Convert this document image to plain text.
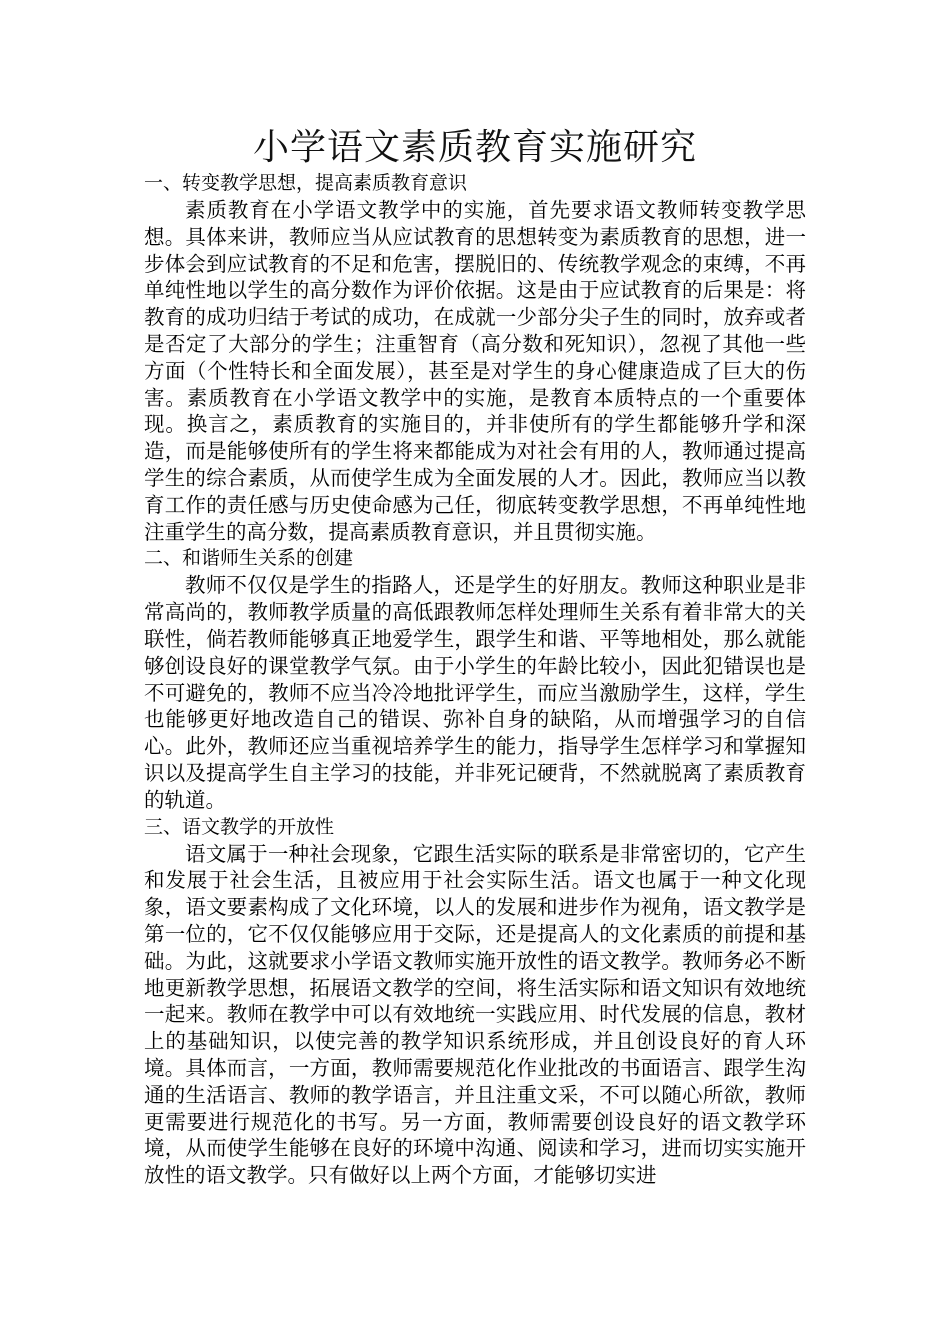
小学语文素质教育实施研究
一、转变教学思想，提高素质教育意识

素质教育在小学语文教学中的实施，首先要求语文教师转变教学思想。具体来讲，教师应当从应试教育的思想转变为素质教育的思想，进一步体会到应试教育的不足和危害，摆脱旧的、传统教学观念的束缚，不再单纯性地以学生的高分数作为评价依据。这是由于应试教育的后果是：将教育的成功归结于考试的成功，在成就一少部分尖子生的同时，放弃或者是否定了大部分的学生；注重智育（高分数和死知识），忽视了其他一些方面（个性特长和全面发展），甚至是对学生的身心健康造成了巨大的伤害。素质教育在小学语文教学中的实施，是教育本质特点的一个重要体现。换言之，素质教育的实施目的，并非使所有的学生都能够升学和深造，而是能够使所有的学生将来都能成为对社会有用的人，教师通过提高学生的综合素质，从而使学生成为全面发展的人才。因此，教师应当以教育工作的责任感与历史使命感为己任，彻底转变教学思想，不再单纯性地注重学生的高分数，提高素质教育意识，并且贯彻实施。

二、和谐师生关系的创建

教师不仅仅是学生的指路人，还是学生的好朋友。教师这种职业是非常高尚的，教师教学质量的高低跟教师怎样处理师生关系有着非常大的关联性，倘若教师能够真正地爱学生，跟学生和谐、平等地相处，那么就能够创设良好的课堂教学气氛。由于小学生的年龄比较小，因此犯错误也是不可避免的，教师不应当冷冷地批评学生，而应当激励学生，这样，学生也能够更好地改造自己的错误、弥补自身的缺陷，从而增强学习的自信心。此外，教师还应当重视培养学生的能力，指导学生怎样学习和掌握知识以及提高学生自主学习的技能，并非死记硬背，不然就脱离了素质教育的轨道。

三、语文教学的开放性

语文属于一种社会现象，它跟生活实际的联系是非常密切的，它产生和发展于社会生活，且被应用于社会实际生活。语文也属于一种文化现象，语文要素构成了文化环境，以人的发展和进步作为视角，语文教学是第一位的，它不仅仅能够应用于交际，还是提高人的文化素质的前提和基础。为此，这就要求小学语文教师实施开放性的语文教学。教师务必不断地更新教学思想，拓展语文教学的空间，将生活实际和语文知识有效地统一起来。教师在教学中可以有效地统一实践应用、时代发展的信息，教材上的基础知识，以使完善的教学知识系统形成，并且创设良好的育人环境。具体而言，一方面，教师需要规范化作业批改的书面语言、跟学生沟通的生活语言、教师的教学语言，并且注重文采，不可以随心所欲，教师更需要进行规范化的书写。另一方面，教师需要创设良好的语文教学环境，从而使学生能够在良好的环境中沟通、阅读和学习，进而切实实施开放性的语文教学。只有做好以上两个方面，才能够切实进
